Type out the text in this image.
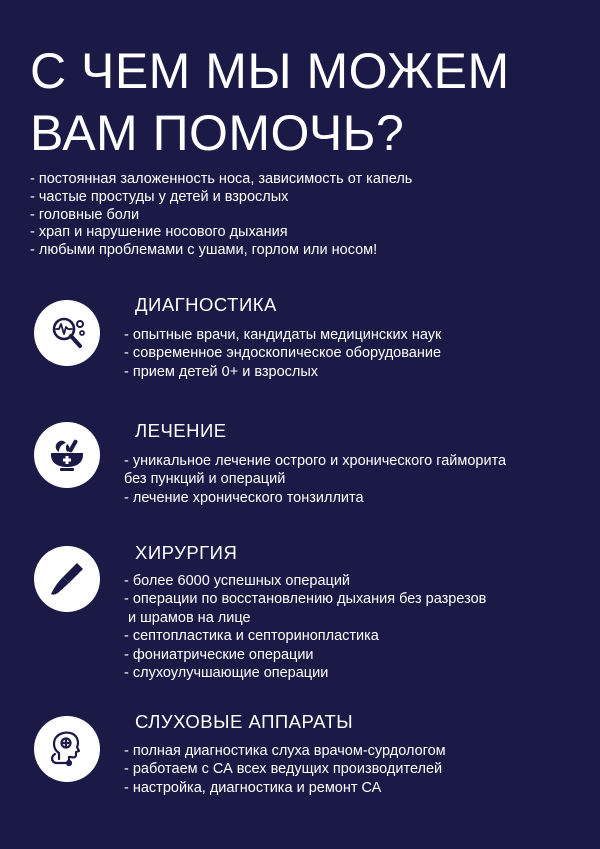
С ЧЕМ МЫ МОЖЕМ
ВАМ ПОМОЧЬ?
- постоянная заложенность носа, зависимость от капель
- частые простуды у детей и взрослых
- головные боли
- храп и нарушение носового дыхания
- любыми проблемами с ушами, горлом или носом!
ДИАГНОСТИКА
- опытные врачи, кандидаты медицинских наук
- современное эндоскопическое оборудование
- прием детей 0+ и взрослых
ЛЕЧЕНИЕ
- уникальное лечение острого и хронического гайморита
без пункций и операций
- лечение хронического тонзиллита
ХИРУРГИЯ
- более 6000 успешных операций
- операции по восстановлению дыхания без разрезов
и шрамов на лице
- септопластика и септоринопластика
- фониатрические операции
- слухоулучшающие операции
СЛУХОВЫЕ АППАРАТЫ
- полная диагностика слуха врачом-сурдологом
- работаем с СА всех ведущих производителей
- настройка, диагностика и ремонт СА
